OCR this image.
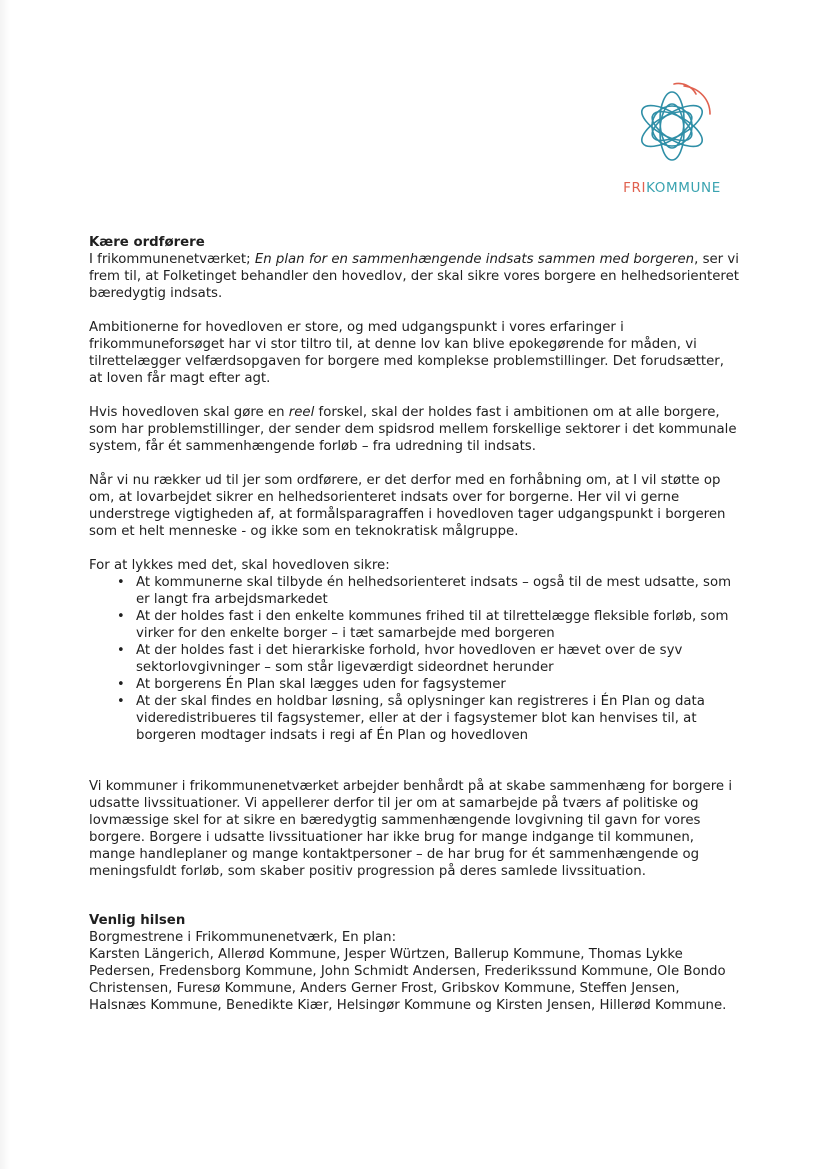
FRIKOMMUNE

Kære ordførere

I frikommunenetværket; En plan for en sammenhængende indsats sammen med borgeren, ser vi frem til, at Folketinget behandler den hovedlov, der skal sikre vores borgere en helhedsorienteret bæredygtig indsats.

Ambitionerne for hovedloven er store, og med udgangspunkt i vores erfaringer i frikommuneforsøget har vi stor tiltro til, at denne lov kan blive epokegørende for måden, vi tilrettelægger velfærdsopgaven for borgere med komplekse problemstillinger. Det forudsætter, at loven får magt efter agt.

Hvis hovedloven skal gøre en reel forskel, skal der holdes fast i ambitionen om at alle borgere, som har problemstillinger, der sender dem spidsrod mellem forskellige sektorer i det kommunale system, får ét sammenhængende forløb – fra udredning til indsats.

Når vi nu rækker ud til jer som ordførere, er det derfor med en forhåbning om, at I vil støtte op om, at lovarbejdet sikrer en helhedsorienteret indsats over for borgerne. Her vil vi gerne understrege vigtigheden af, at formålsparagraffen i hovedloven tager udgangspunkt i borgeren som et helt menneske - og ikke som en teknokratisk målgruppe.

For at lykkes med det, skal hovedloven sikre:

• At kommunerne skal tilbyde én helhedsorienteret indsats – også til de mest udsatte, som er langt fra arbejdsmarkedet
• At der holdes fast i den enkelte kommunes frihed til at tilrettelægge fleksible forløb, som virker for den enkelte borger – i tæt samarbejde med borgeren
• At der holdes fast i det hierarkiske forhold, hvor hovedloven er hævet over de syv sektorlovgivninger – som står ligeværdigt sideordnet herunder
• At borgerens Én Plan skal lægges uden for fagsystemer
• At der skal findes en holdbar løsning, så oplysninger kan registreres i Én Plan og data videredistribueres til fagsystemer, eller at der i fagsystemer blot kan henvises til, at borgeren modtager indsats i regi af Én Plan og hovedloven

Vi kommuner i frikommunenetværket arbejder benhårdt på at skabe sammenhæng for borgere i udsatte livssituationer. Vi appellerer derfor til jer om at samarbejde på tværs af politiske og lovmæssige skel for at sikre en bæredygtig sammenhængende lovgivning til gavn for vores borgere. Borgere i udsatte livssituationer har ikke brug for mange indgange til kommunen, mange handleplaner og mange kontaktpersoner – de har brug for ét sammenhængende og meningsfuldt forløb, som skaber positiv progression på deres samlede livssituation.

Venlig hilsen

Borgmestrene i Frikommunenetværk, En plan:

Karsten Längerich, Allerød Kommune, Jesper Würtzen, Ballerup Kommune, Thomas Lykke Pedersen, Fredensborg Kommune, John Schmidt Andersen, Frederikssund Kommune, Ole Bondo Christensen, Furesø Kommune, Anders Gerner Frost, Gribskov Kommune, Steffen Jensen, Halsnæs Kommune, Benedikte Kiær, Helsingør Kommune og Kirsten Jensen, Hillerød Kommune.
